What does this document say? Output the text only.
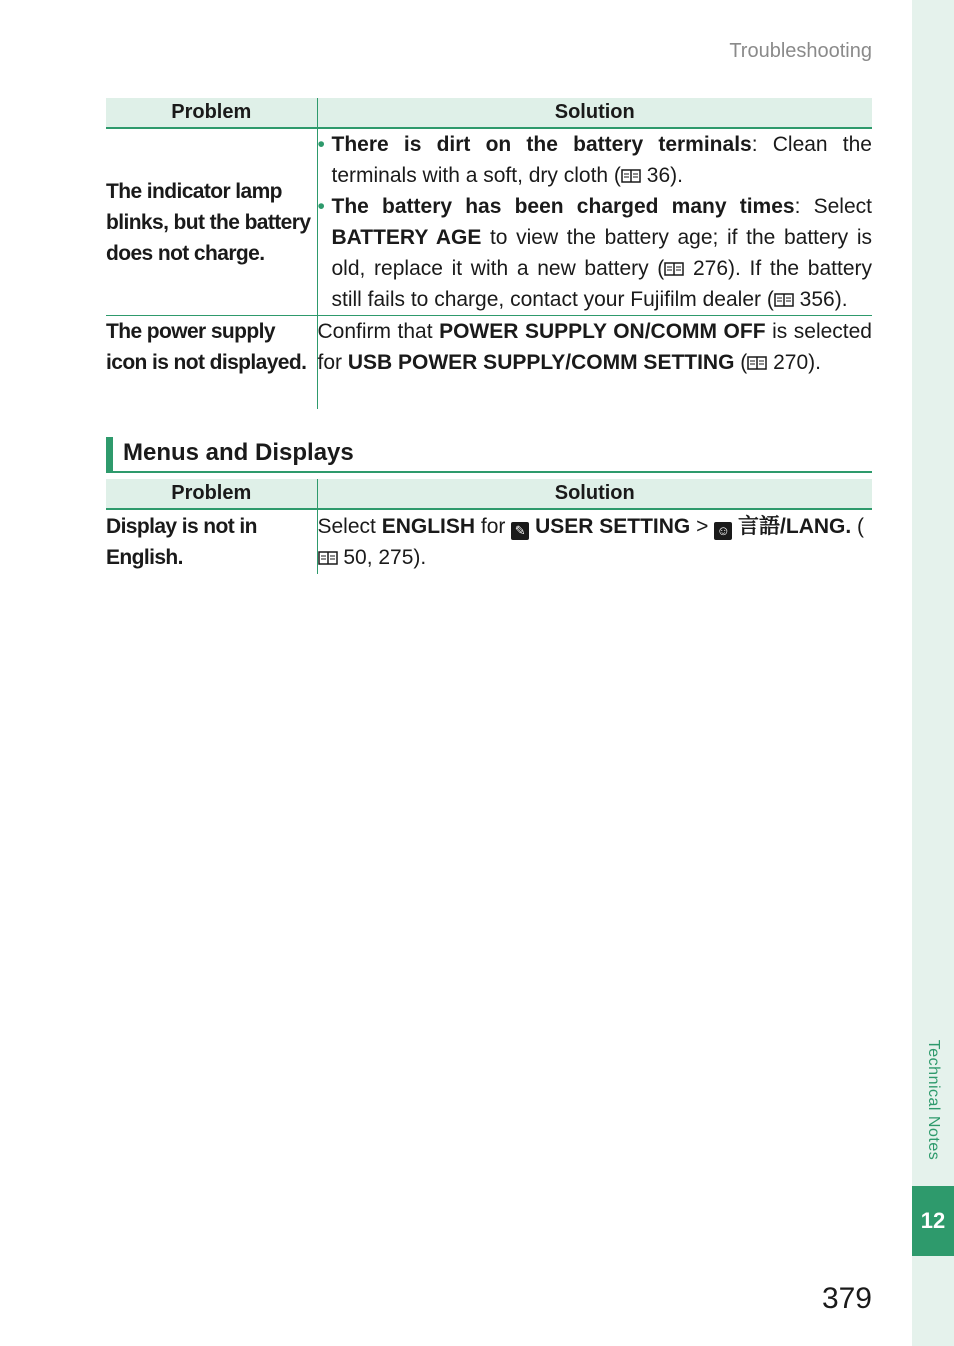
Technical Notes
12
Troubleshooting
Problem	Solution
The indicator lamp blinks, but the battery does not charge.	• There is dirt on the battery terminals: Clean the terminals with a soft, dry cloth ( 36).
• The battery has been charged many times: Select BATTERY AGE to view the battery age; if the battery is old, replace it with a new battery ( 276). If the battery still fails to charge, contact your Fujifilm dealer ( 356).

The power supply icon is not displayed.	Confirm that POWER SUPPLY ON/COMM OFF is selected for USB POWER SUPPLY/COMM SETTING ( 270).
Menus and Displays
Problem	Solution
Display is not in English.	Select ENGLISH for ✎ USER SETTING > ☺ 言語/LANG. ( 50, 275).
379
